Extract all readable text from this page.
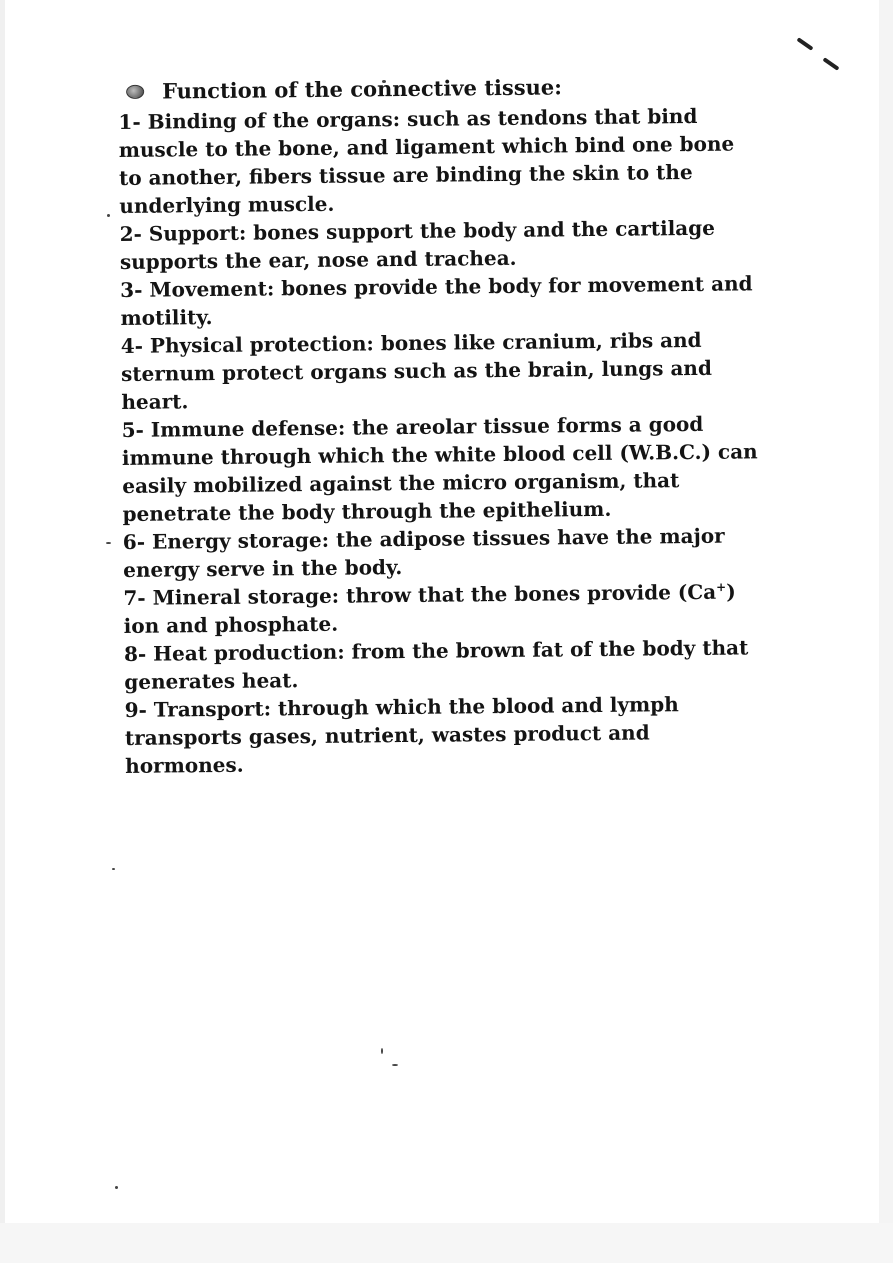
Function of the connective tissue:

1- Binding of the organs: such as tendons that bind muscle to the bone, and ligament which bind one bone to another, fibers tissue are binding the skin to the underlying muscle.

2- Support: bones support the body and the cartilage supports the ear, nose and trachea.

3- Movement: bones provide the body for movement and motility.

4- Physical protection: bones like cranium, ribs and sternum protect organs such as the brain, lungs and heart.

5- Immune defense: the areolar tissue forms a good immune through which the white blood cell (W.B.C.) can easily mobilized against the micro organism, that penetrate the body through the epithelium.

6- Energy storage: the adipose tissues have the major energy serve in the body.

7- Mineral storage: throw that the bones provide (Ca+) ion and phosphate.

8- Heat production: from the brown fat of the body that generates heat.

9- Transport: through which the blood and lymph transports gases, nutrient, wastes product and hormones.
